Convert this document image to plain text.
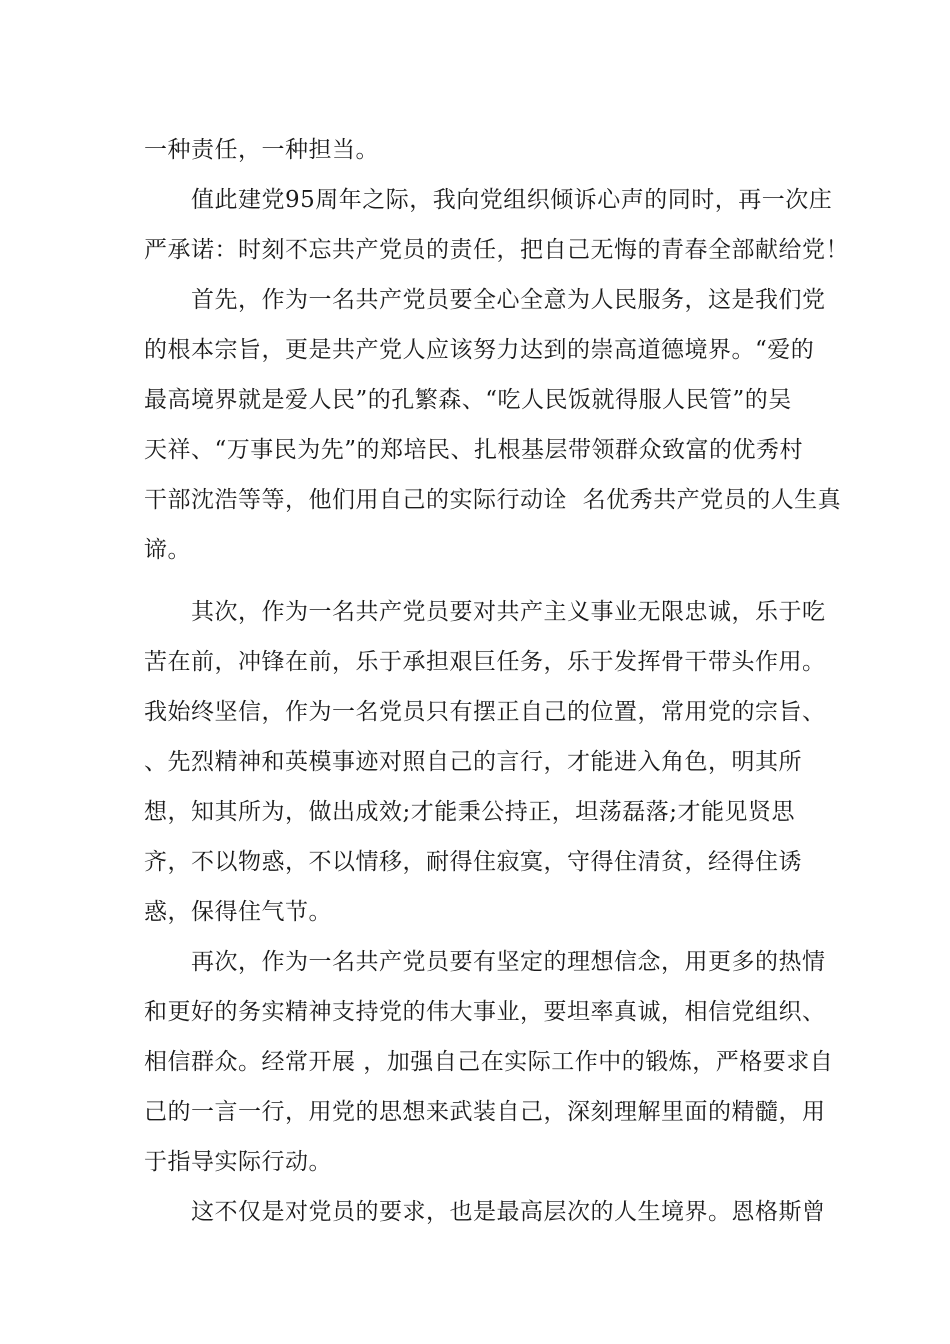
一种责任，一种担当。
值此建党95周年之际，我向党组织倾诉心声的同时，再一次庄
严承诺：时刻不忘共产党员的责任，把自己无悔的青春全部献给党！
首先，作为一名共产党员要全心全意为人民服务，这是我们党
的根本宗旨，更是共产党人应该努力达到的崇高道德境界。“爱的
最高境界就是爱人民”的孔繁森、“吃人民饭就得服人民管”的吴
天祥、“万事民为先”的郑培民、扎根基层带领群众致富的优秀村
干部沈浩等等，他们用自己的实际行动诠  名优秀共产党员的人生真
谛。
其次，作为一名共产党员要对共产主义事业无限忠诚，乐于吃
苦在前，冲锋在前，乐于承担艰巨任务，乐于发挥骨干带头作用。
我始终坚信，作为一名党员只有摆正自己的位置，常用党的宗旨、
、先烈精神和英模事迹对照自己的言行，才能进入角色，明其所
想，知其所为，做出成效;才能秉公持正，坦荡磊落;才能见贤思
齐，不以物惑，不以情移，耐得住寂寞，守得住清贫，经得住诱
惑，保得住气节。
再次，作为一名共产党员要有坚定的理想信念，用更多的热情
和更好的务实精神支持党的伟大事业，要坦率真诚，相信党组织、
相信群众。经常开展 ，加强自己在实际工作中的锻炼，严格要求自
己的一言一行，用党的思想来武装自己，深刻理解里面的精髓，用
于指导实际行动。
这不仅是对党员的要求，也是最高层次的人生境界。恩格斯曾
